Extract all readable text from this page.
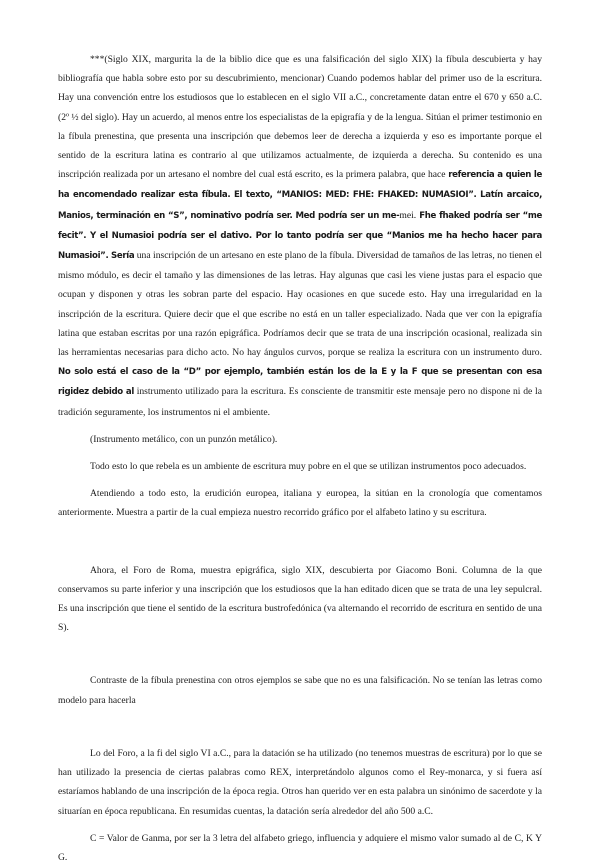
***(Siglo XIX, margurita la de la biblio dice que es una falsificación del siglo XIX) la fíbula descubierta y hay bibliografía que habla sobre esto por su descubrimiento, mencionar) Cuando podemos hablar del primer uso de la escritura. Hay una convención entre los estudiosos que lo establecen en el siglo VII a.C., concretamente datan entre el 670 y 650 a.C. (2º ½ del siglo). Hay un acuerdo, al menos entre los especialistas de la epigrafía y de la lengua. Sitúan el primer testimonio en la fíbula prenestina, que presenta una inscripción que debemos leer de derecha a izquierda y eso es importante porque el sentido de la escritura latina es contrario al que utilizamos actualmente, de izquierda a derecha. Su contenido es una inscripción realizada por un artesano el nombre del cual está escrito, es la primera palabra, que hace referencia a quien le ha encomendado realizar esta fíbula. El texto, “MANIOS: MED: FHE: FHAKED: NUMASIOI”. Latín arcaico, Manios, terminación en “S”, nominativo podría ser. Med podría ser un me-mei. Fhe fhaked podría ser “me fecit”. Y el Numasioi podría ser el dativo. Por lo tanto podría ser que “Manios me ha hecho hacer para Numasioi”. Sería una inscripción de un artesano en este plano de la fíbula. Diversidad de tamaños de las letras, no tienen el mismo módulo, es decir el tamaño y las dimensiones de las letras. Hay algunas que casi les viene justas para el espacio que ocupan y disponen y otras les sobran parte del espacio. Hay ocasiones en que sucede esto. Hay una irregularidad en la inscripción de la escritura. Quiere decir que el que escribe no está en un taller especializado. Nada que ver con la epigrafía latina que estaban escritas por una razón epigráfica. Podríamos decir que se trata de una inscripción ocasional, realizada sin las herramientas necesarias para dicho acto. No hay ángulos curvos, porque se realiza la escritura con un instrumento duro. No solo está el caso de la “D” por ejemplo, también están los de la E y la F que se presentan con esa rigidez debido al instrumento utilizado para la escritura. Es consciente de transmitir este mensaje pero no dispone ni de la tradición seguramente, los instrumentos ni el ambiente.

(Instrumento metálico, con un punzón metálico).

Todo esto lo que rebela es un ambiente de escritura muy pobre en el que se utilizan instrumentos poco adecuados.

Atendiendo a todo esto, la erudición europea, italiana y europea, la sitúan en la cronología que comentamos anteriormente. Muestra a partir de la cual empieza nuestro recorrido gráfico por el alfabeto latino y su escritura.

Ahora, el Foro de Roma, muestra epigráfica, siglo XIX, descubierta por Giacomo Boni. Columna de la que conservamos su parte inferior y una inscripción que los estudiosos que la han editado dicen que se trata de una ley sepulcral. Es una inscripción que tiene el sentido de la escritura bustrofedónica (va alternando el recorrido de escritura en sentido de una S).

Contraste de la fíbula prenestina con otros ejemplos se sabe que no es una falsificación. No se tenían las letras como modelo para hacerla

Lo del Foro, a la fi del siglo VI a.C., para la datación se ha utilizado (no tenemos muestras de escritura) por lo que se han utilizado la presencia de ciertas palabras como REX, interpretándolo algunos como el Rey-monarca, y si fuera así estaríamos hablando de una inscripción de la época regia. Otros han querido ver en esta palabra un sinónimo de sacerdote y la situarían en época republicana. En resumidas cuentas, la datación sería alrededor del año 500 a.C.

C = Valor de Ganma, por ser la 3 letra del alfabeto griego, influencia y adquiere el mismo valor sumado al de C, K Y G.
